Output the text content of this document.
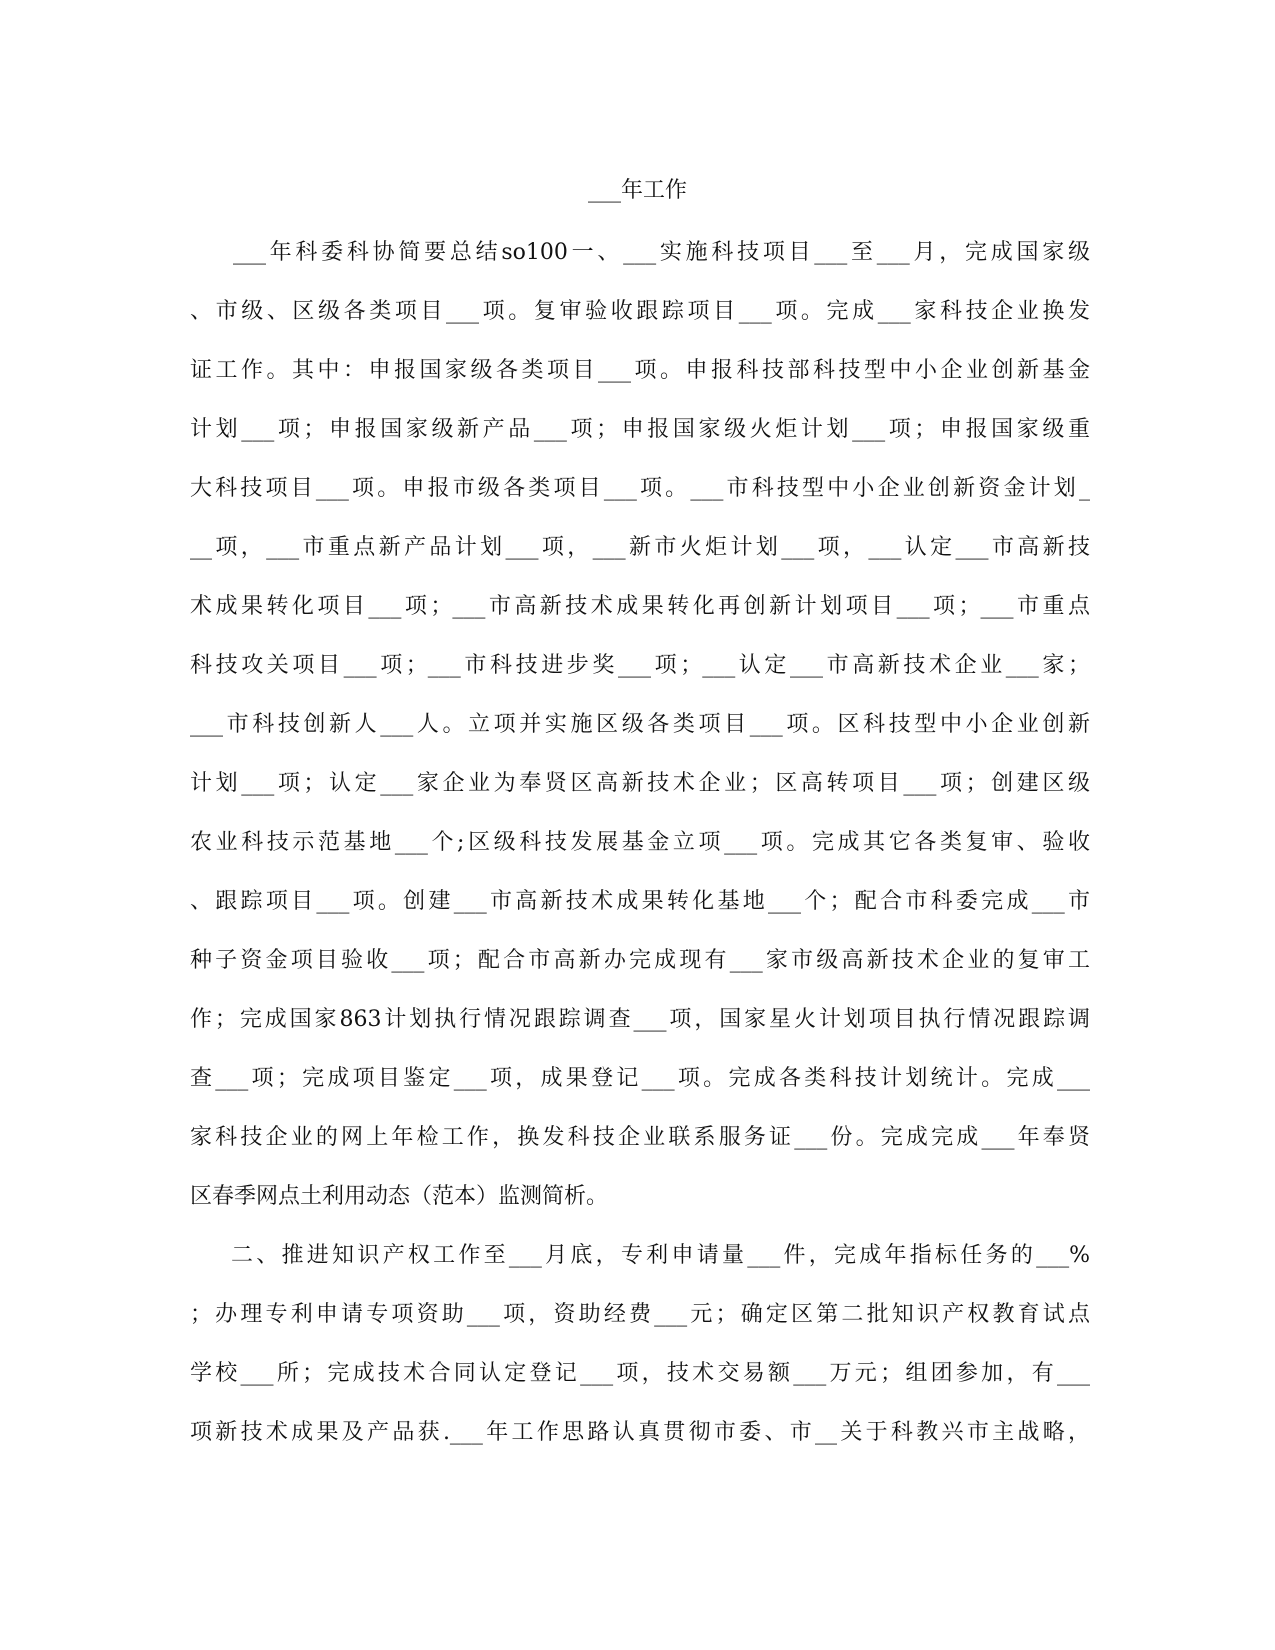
___年工作
___年科委科协简要总结so100一、___实施科技项目___至___月，完成国家级
、市级、区级各类项目___项。复审验收跟踪项目___项。完成___家科技企业换发
证工作。其中：申报国家级各类项目___项。申报科技部科技型中小企业创新基金
计划___项；申报国家级新产品___项；申报国家级火炬计划___项；申报国家级重
大科技项目___项。申报市级各类项目___项。___市科技型中小企业创新资金计划_
__项，___市重点新产品计划___项，___新市火炬计划___项，___认定___市高新技
术成果转化项目___项；___市高新技术成果转化再创新计划项目___项；___市重点
科技攻关项目___项；___市科技进步奖___项；___认定___市高新技术企业___家；
___市科技创新人___人。立项并实施区级各类项目___项。区科技型中小企业创新
计划___项；认定___家企业为奉贤区高新技术企业；区高转项目___项；创建区级
农业科技示范基地___个;区级科技发展基金立项___项。完成其它各类复审、验收
、跟踪项目___项。创建___市高新技术成果转化基地___个；配合市科委完成___市
种子资金项目验收___项；配合市高新办完成现有___家市级高新技术企业的复审工
作；完成国家863计划执行情况跟踪调查___项，国家星火计划项目执行情况跟踪调
查___项；完成项目鉴定___项，成果登记___项。完成各类科技计划统计。完成___
家科技企业的网上年检工作，换发科技企业联系服务证___份。完成完成___年奉贤
区春季网点土利用动态（范本）监测简析。
二、推进知识产权工作至___月底，专利申请量___件，完成年指标任务的___%
；办理专利申请专项资助___项，资助经费___元；确定区第二批知识产权教育试点
学校___所；完成技术合同认定登记___项，技术交易额___万元；组团参加，有___
项新技术成果及产品获.___年工作思路认真贯彻市委、市__关于科教兴市主战略，
